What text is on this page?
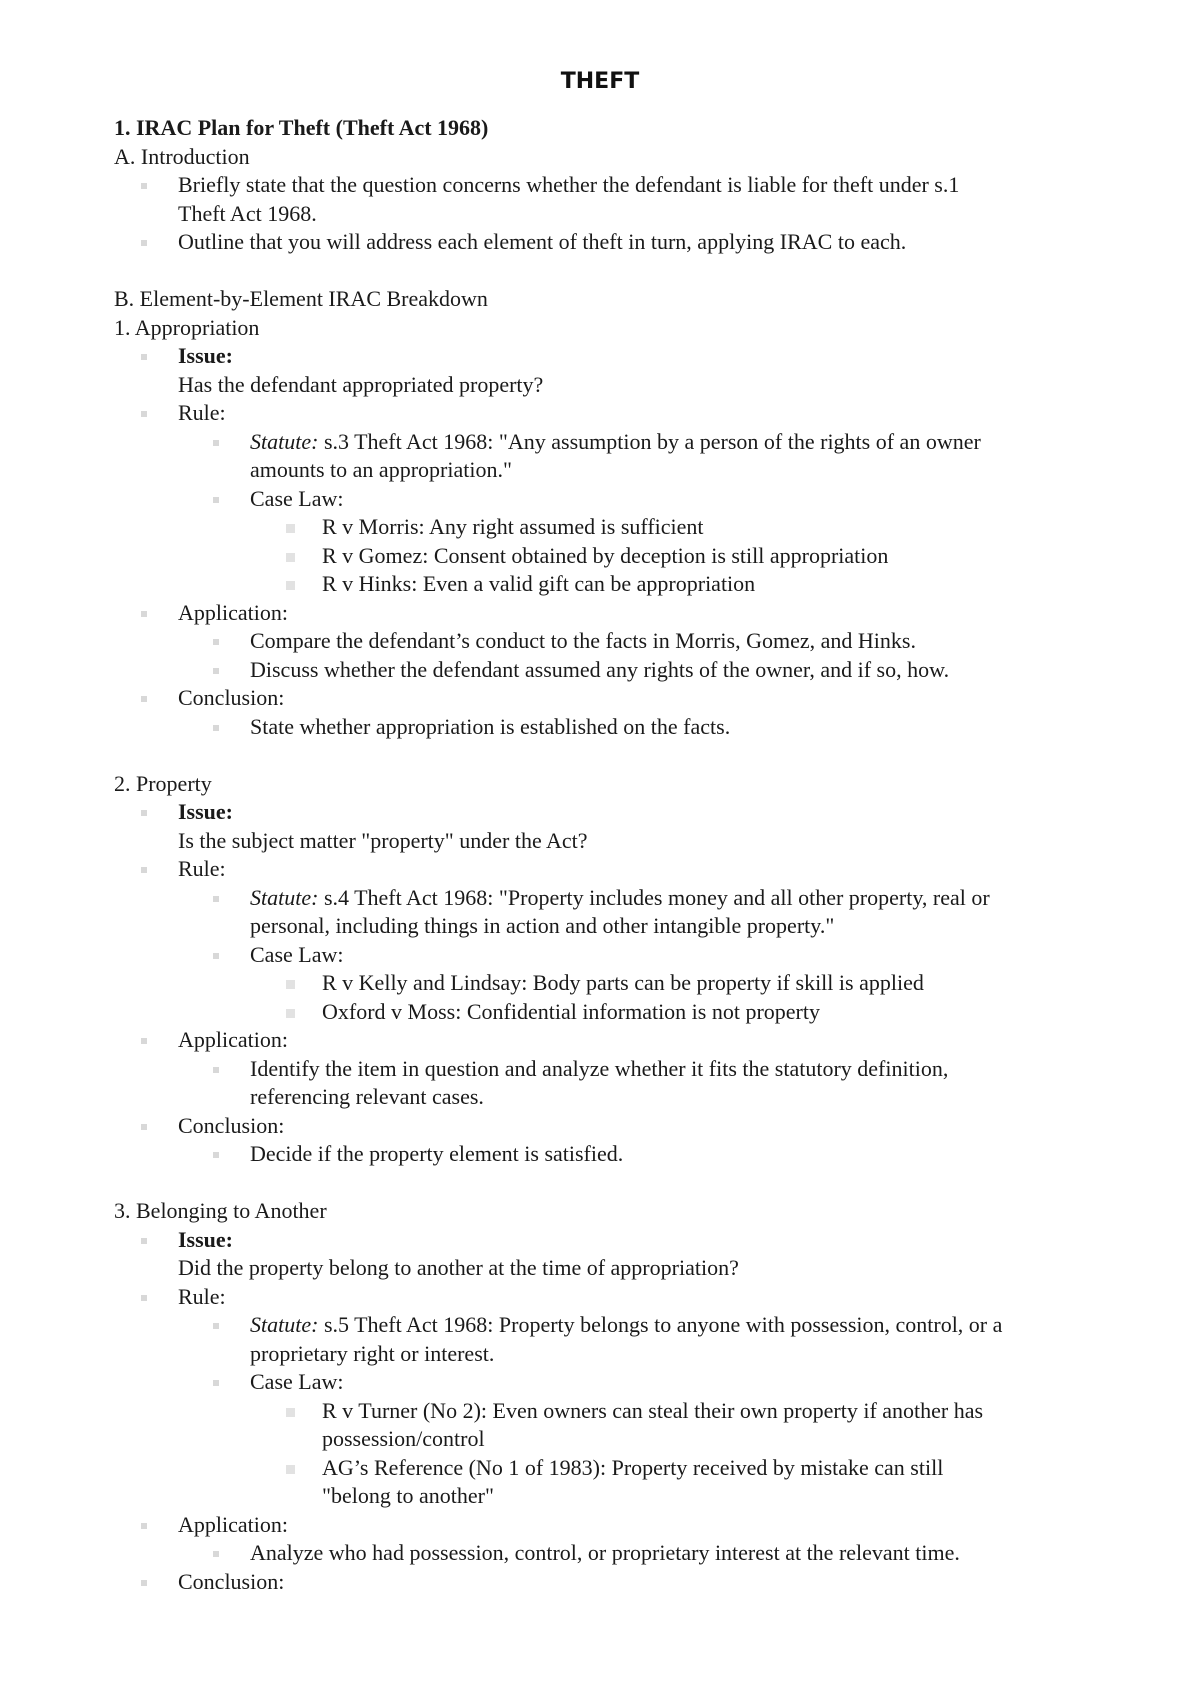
THEFT
1. IRAC Plan for Theft (Theft Act 1968)
A. Introduction
Briefly state that the question concerns whether the defendant is liable for theft under s.1
Theft Act 1968.
Outline that you will address each element of theft in turn, applying IRAC to each.
B. Element-by-Element IRAC Breakdown
1. Appropriation
Issue:
Has the defendant appropriated property?
Rule:
Statute: s.3 Theft Act 1968: "Any assumption by a person of the rights of an owner
amounts to an appropriation."
Case Law:
R v Morris: Any right assumed is sufficient
R v Gomez: Consent obtained by deception is still appropriation
R v Hinks: Even a valid gift can be appropriation
Application:
Compare the defendant’s conduct to the facts in Morris, Gomez, and Hinks.
Discuss whether the defendant assumed any rights of the owner, and if so, how.
Conclusion:
State whether appropriation is established on the facts.
2. Property
Issue:
Is the subject matter "property" under the Act?
Rule:
Statute: s.4 Theft Act 1968: "Property includes money and all other property, real or
personal, including things in action and other intangible property."
Case Law:
R v Kelly and Lindsay: Body parts can be property if skill is applied
Oxford v Moss: Confidential information is not property
Application:
Identify the item in question and analyze whether it fits the statutory definition,
referencing relevant cases.
Conclusion:
Decide if the property element is satisfied.
3. Belonging to Another
Issue:
Did the property belong to another at the time of appropriation?
Rule:
Statute: s.5 Theft Act 1968: Property belongs to anyone with possession, control, or a
proprietary right or interest.
Case Law:
R v Turner (No 2): Even owners can steal their own property if another has
possession/control
AG’s Reference (No 1 of 1983): Property received by mistake can still
"belong to another"
Application:
Analyze who had possession, control, or proprietary interest at the relevant time.
Conclusion:
